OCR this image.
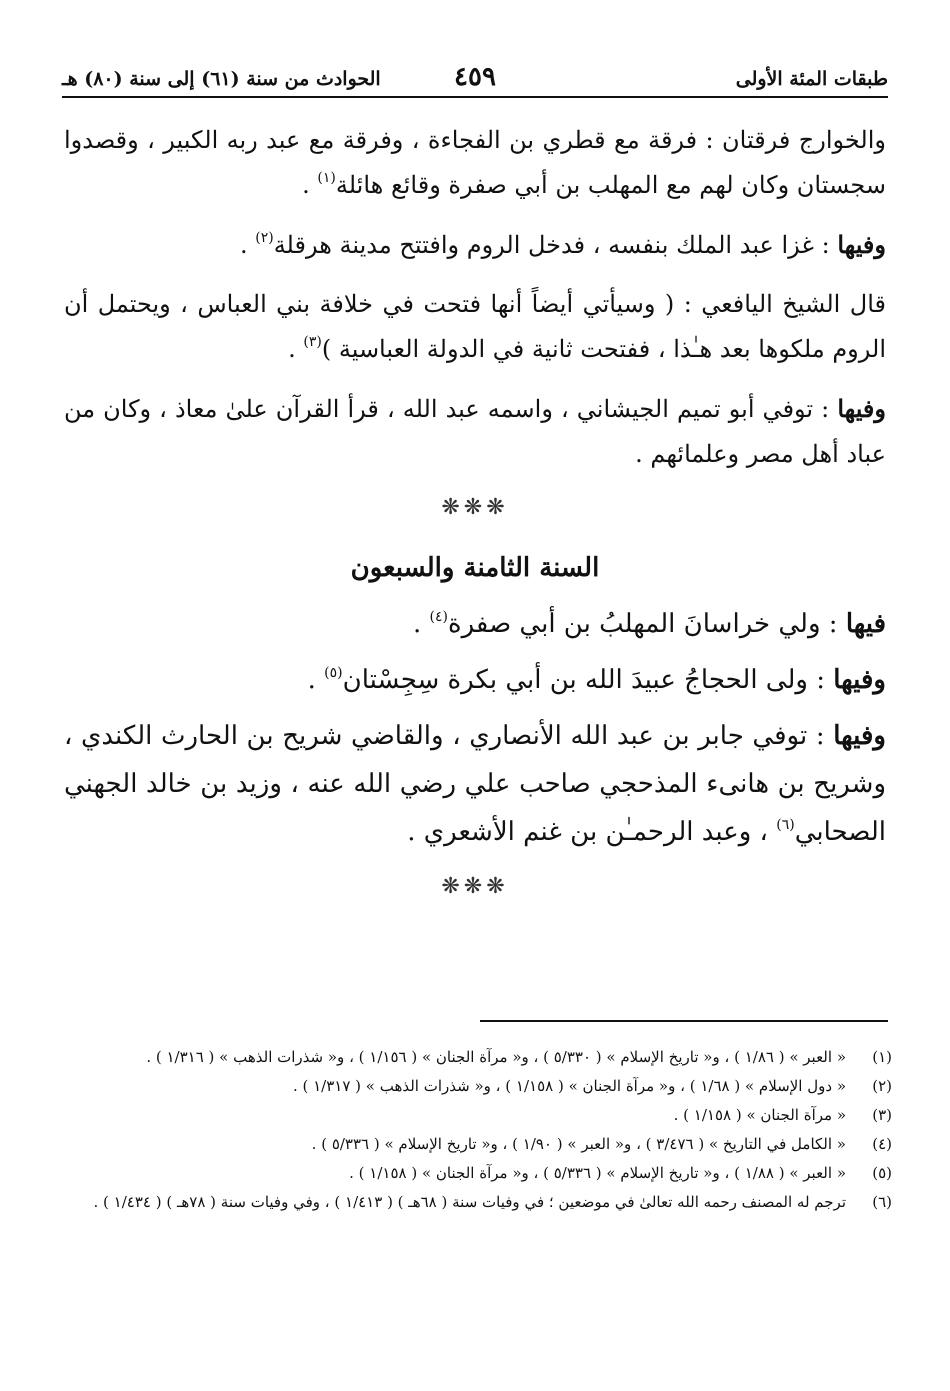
طبقات المئة الأولى
٤٥٩
الحوادث من سنة (٦١) إلى سنة (٨٠) هـ

والخوارج فرقتان : فرقة مع قطري بن الفجاءة ، وفرقة مع عبد ربه الكبير ، وقصدوا سجستان وكان لهم مع المهلب بن أبي صفرة وقائع هائلة$^{(١)}$ .

وفيها : غزا عبد الملك بنفسه ، فدخل الروم وافتتح مدينة هرقلة$^{(٢)}$ .

قال الشيخ اليافعي : ( وسيأتي أيضاً أنها فتحت في خلافة بني العباس ، ويحتمل أن الروم ملكوها بعد هـٰذا ، ففتحت ثانية في الدولة العباسية )$^{(٣)}$ .

وفيها : توفي أبو تميم الجيشاني ، واسمه عبد الله ، قرأ القرآن علىٰ معاذ ، وكان من عباد أهل مصر وعلمائهم .

❋❋❋
السنة الثامنة والسبعون

فيها : ولي خراسانَ المهلبُ بن أبي صفرة$^{(٤)}$ .

وفيها : ولى الحجاجُ عبيدَ الله بن أبي بكرة سِجِسْتان$^{(٥)}$ .

وفيها : توفي جابر بن عبد الله الأنصاري ، والقاضي شريح بن الحارث الكندي ، وشريح بن هانىء المذحجي صاحب علي رضي الله عنه ، وزيد بن خالد الجهني الصحابي$^{(٦)}$ ، وعبد الرحمـٰن بن غنم الأشعري .

❋❋❋
(١)
« العبر » ( ١/٨٦ ) ، و« تاريخ الإسلام » ( ٥/٣٣٠ ) ، و« مرآة الجنان » ( ١/١٥٦ ) ، و« شذرات الذهب » ( ١/٣١٦ ) .
(٢)
« دول الإسلام » ( ١/٦٨ ) ، و« مرآة الجنان » ( ١/١٥٨ ) ، و« شذرات الذهب » ( ١/٣١٧ ) .
(٣)
« مرآة الجنان » ( ١/١٥٨ ) .
(٤)
« الكامل في التاريخ » ( ٣/٤٧٦ ) ، و« العبر » ( ١/٩٠ ) ، و« تاريخ الإسلام » ( ٥/٣٣٦ ) .
(٥)
« العبر » ( ١/٨٨ ) ، و« تاريخ الإسلام » ( ٥/٣٣٦ ) ، و« مرآة الجنان » ( ١/١٥٨ ) .
(٦)
ترجم له المصنف رحمه الله تعالىٰ في موضعين ؛ في وفيات سنة ( ٦٨هـ ) ( ١/٤١٣ ) ، وفي وفيات سنة ( ٧٨هـ ) ( ١/٤٣٤ ) .
